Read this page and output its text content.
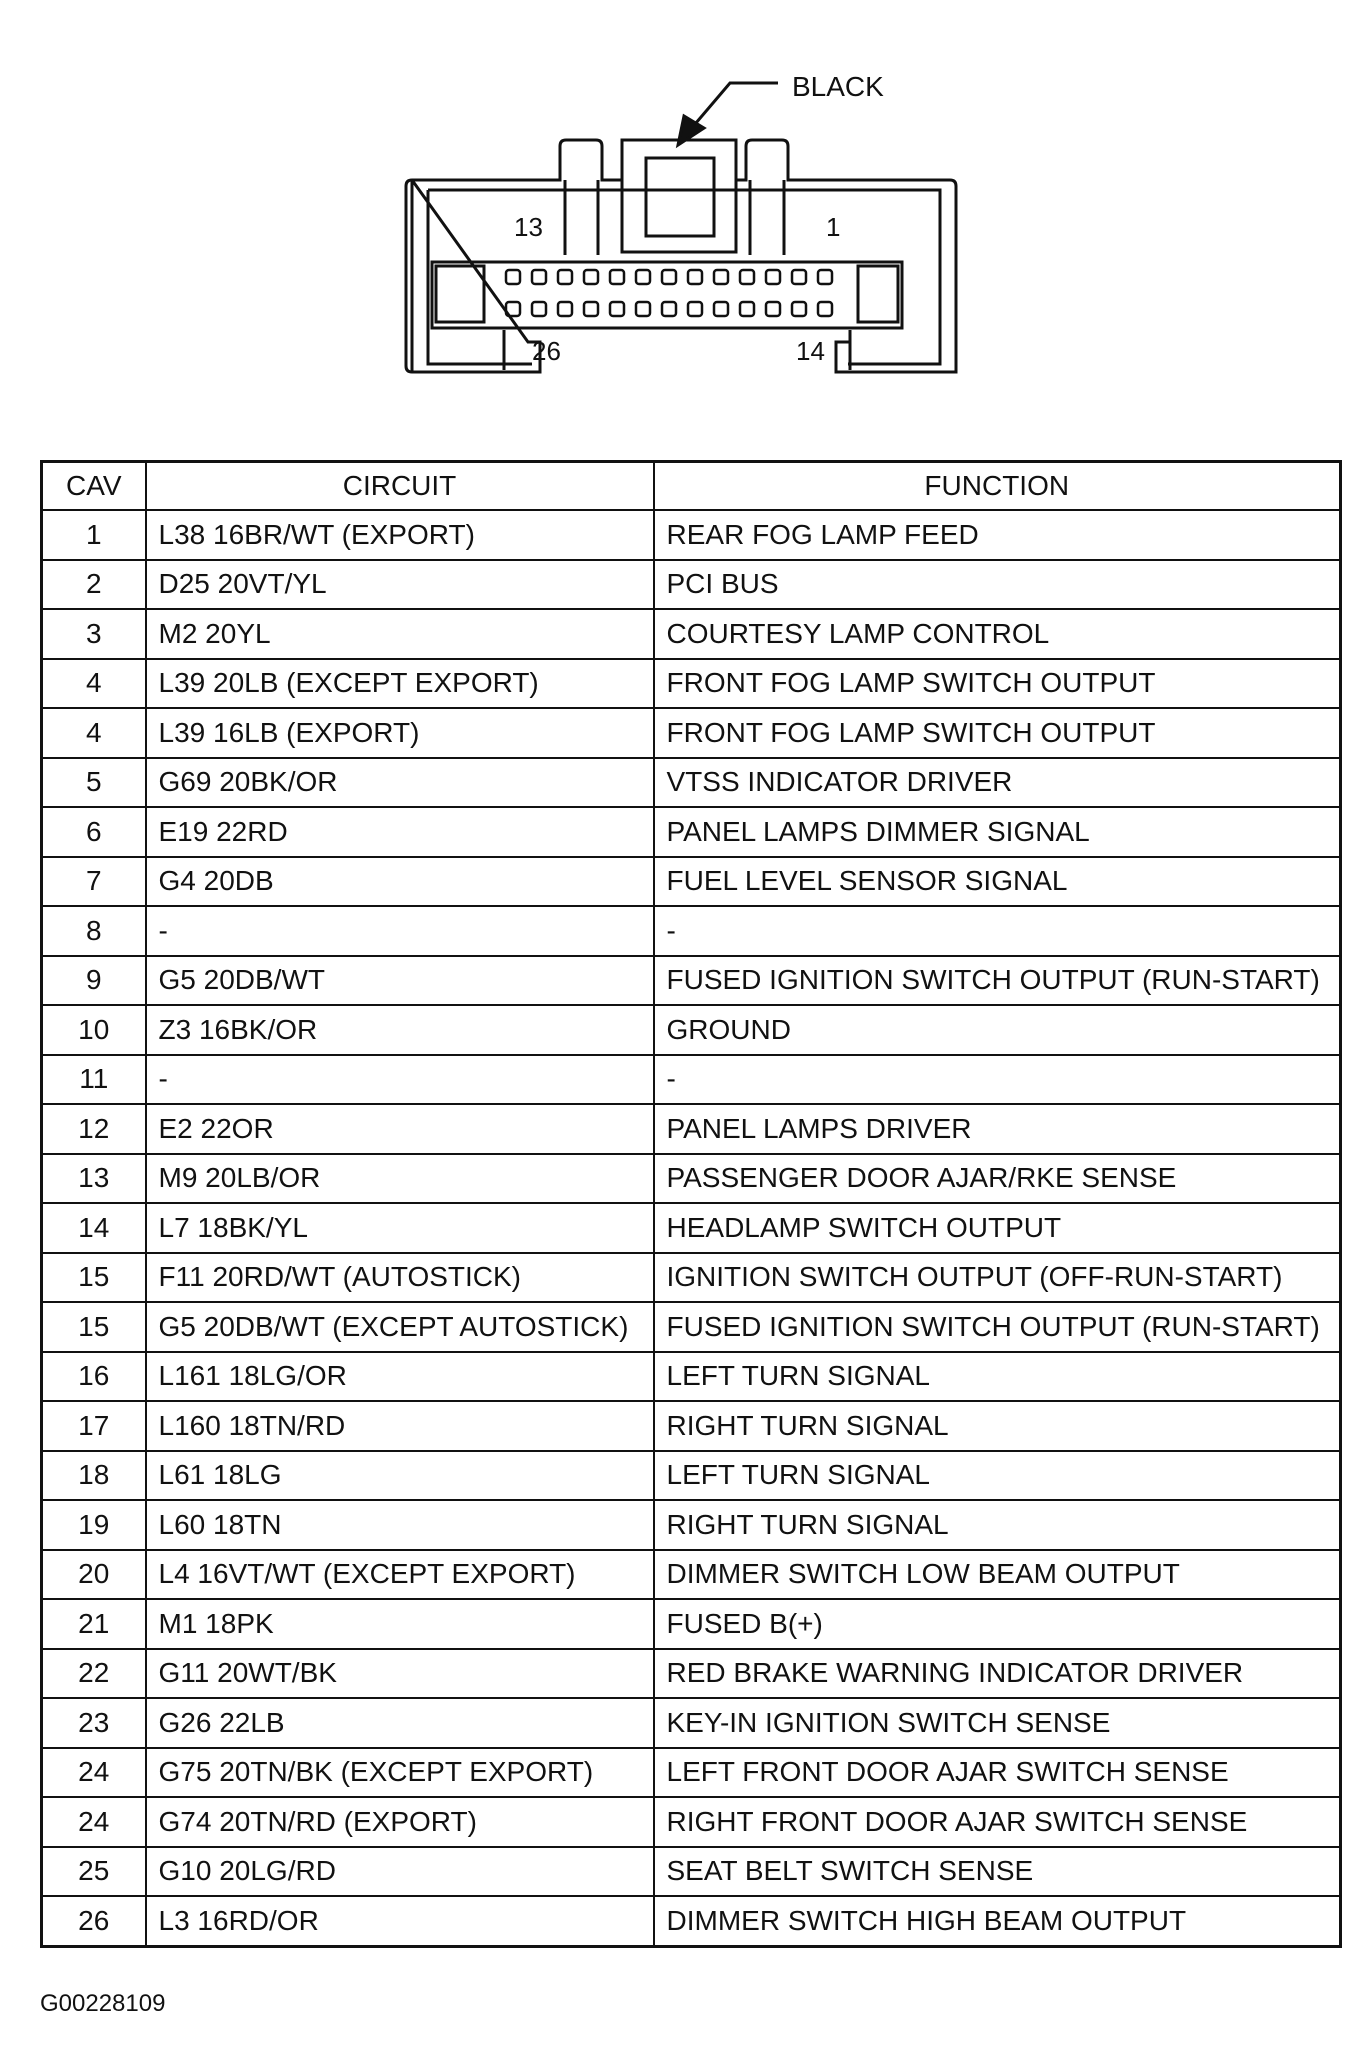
BLACK
13	1
26	14
CAV	CIRCUIT	FUNCTION
1	L38 16BR/WT (EXPORT)	REAR FOG LAMP FEED
2	D25 20VT/YL	PCI BUS
3	M2 20YL	COURTESY LAMP CONTROL
4	L39 20LB (EXCEPT EXPORT)	FRONT FOG LAMP SWITCH OUTPUT
4	L39 16LB (EXPORT)	FRONT FOG LAMP SWITCH OUTPUT
5	G69 20BK/OR	VTSS INDICATOR DRIVER
6	E19 22RD	PANEL LAMPS DIMMER SIGNAL
7	G4 20DB	FUEL LEVEL SENSOR SIGNAL
8	-	-
9	G5 20DB/WT	FUSED IGNITION SWITCH OUTPUT (RUN-START)
10	Z3 16BK/OR	GROUND
11	-	-
12	E2 22OR	PANEL LAMPS DRIVER
13	M9 20LB/OR	PASSENGER DOOR AJAR/RKE SENSE
14	L7 18BK/YL	HEADLAMP SWITCH OUTPUT
15	F11 20RD/WT (AUTOSTICK)	IGNITION SWITCH OUTPUT (OFF-RUN-START)
15	G5 20DB/WT (EXCEPT AUTOSTICK)	FUSED IGNITION SWITCH OUTPUT (RUN-START)
16	L161 18LG/OR	LEFT TURN SIGNAL
17	L160 18TN/RD	RIGHT TURN SIGNAL
18	L61 18LG	LEFT TURN SIGNAL
19	L60 18TN	RIGHT TURN SIGNAL
20	L4 16VT/WT (EXCEPT EXPORT)	DIMMER SWITCH LOW BEAM OUTPUT
21	M1 18PK	FUSED B(+)
22	G11 20WT/BK	RED BRAKE WARNING INDICATOR DRIVER
23	G26 22LB	KEY-IN IGNITION SWITCH SENSE
24	G75 20TN/BK (EXCEPT EXPORT)	LEFT FRONT DOOR AJAR SWITCH SENSE
24	G74 20TN/RD (EXPORT)	RIGHT FRONT DOOR AJAR SWITCH SENSE
25	G10 20LG/RD	SEAT BELT SWITCH SENSE
26	L3 16RD/OR	DIMMER SWITCH HIGH BEAM OUTPUT
G00228109
